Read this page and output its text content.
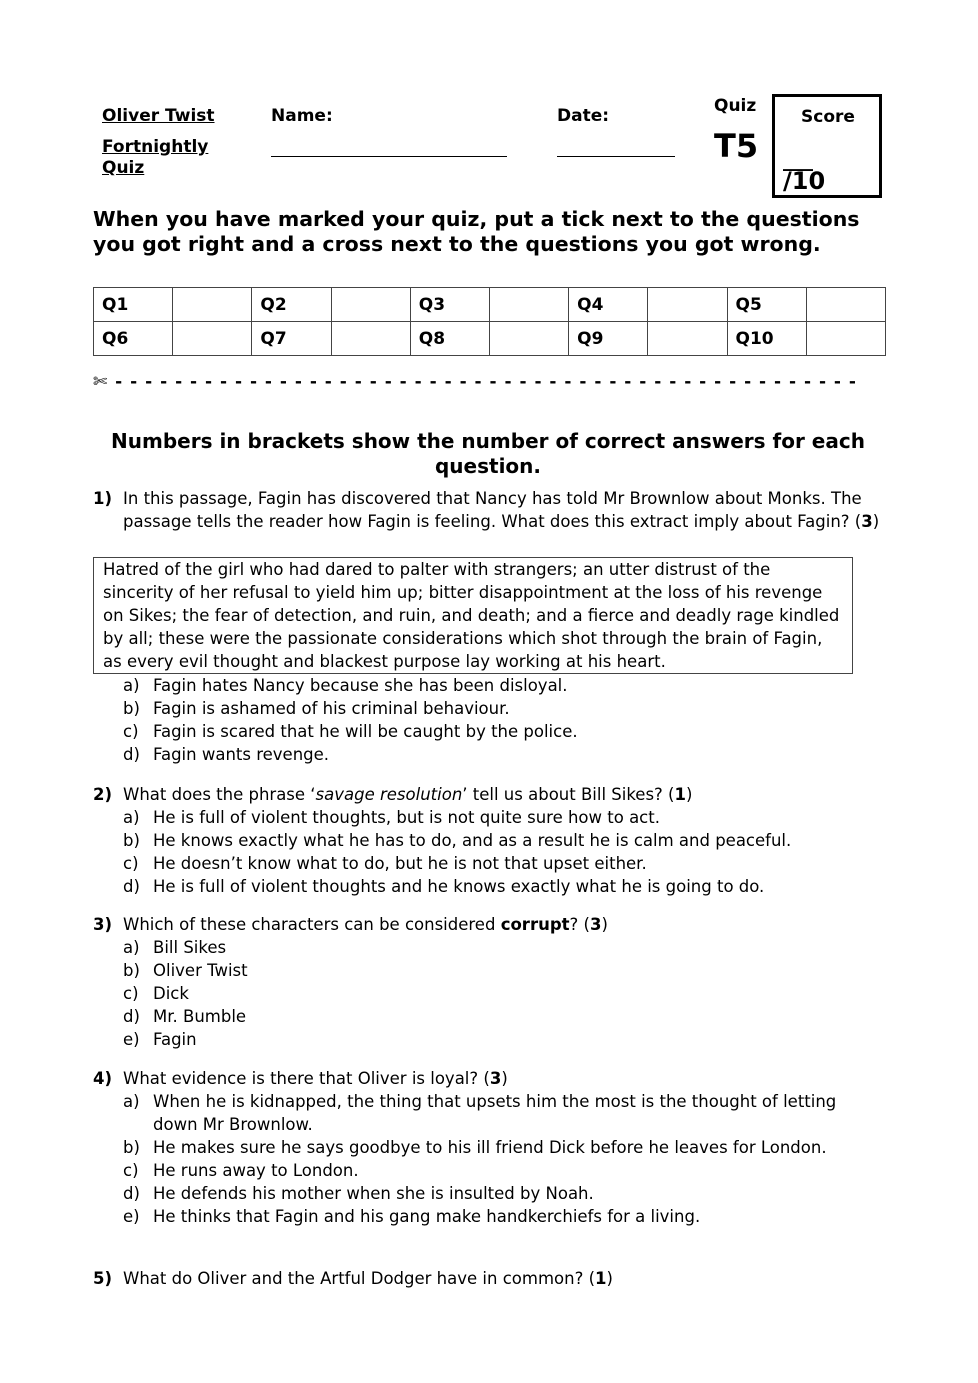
Oliver Twist
Fortnightly Quiz
Name:	Date:	Quiz
T5
Score
___
/10
When you have marked your quiz, put a tick next to the questions you got right and a cross next to the questions you got wrong.
Q1		Q2		Q3		Q4		Q5	
Q6		Q7		Q8		Q9		Q10	
✄ - - - - - - - - - - - - - - - - - - - - - - - - - - - - - - - - - - - - - - - - - - - - - - - - - -
Numbers in brackets show the number of correct answers for each question.
1) In this passage, Fagin has discovered that Nancy has told Mr Brownlow about Monks. The passage tells the reader how Fagin is feeling. What does this extract imply about Fagin? (3)
Hatred of the girl who had dared to palter with strangers; an utter distrust of the sincerity of her refusal to yield him up; bitter disappointment at the loss of his revenge on Sikes; the fear of detection, and ruin, and death; and a fierce and deadly rage kindled by all; these were the passionate considerations which shot through the brain of Fagin, as every evil thought and blackest purpose lay working at his heart.
a) Fagin hates Nancy because she has been disloyal.
b) Fagin is ashamed of his criminal behaviour.
c) Fagin is scared that he will be caught by the police.
d) Fagin wants revenge.
2) What does the phrase ‘savage resolution’ tell us about Bill Sikes? (1)
a) He is full of violent thoughts, but is not quite sure how to act.
b) He knows exactly what he has to do, and as a result he is calm and peaceful.
c) He doesn’t know what to do, but he is not that upset either.
d) He is full of violent thoughts and he knows exactly what he is going to do.
3) Which of these characters can be considered corrupt? (3)
a) Bill Sikes
b) Oliver Twist
c) Dick
d) Mr. Bumble
e) Fagin
4) What evidence is there that Oliver is loyal? (3)
a) When he is kidnapped, the thing that upsets him the most is the thought of letting down Mr Brownlow.
b) He makes sure he says goodbye to his ill friend Dick before he leaves for London.
c) He runs away to London.
d) He defends his mother when she is insulted by Noah.
e) He thinks that Fagin and his gang make handkerchiefs for a living.
5) What do Oliver and the Artful Dodger have in common? (1)
